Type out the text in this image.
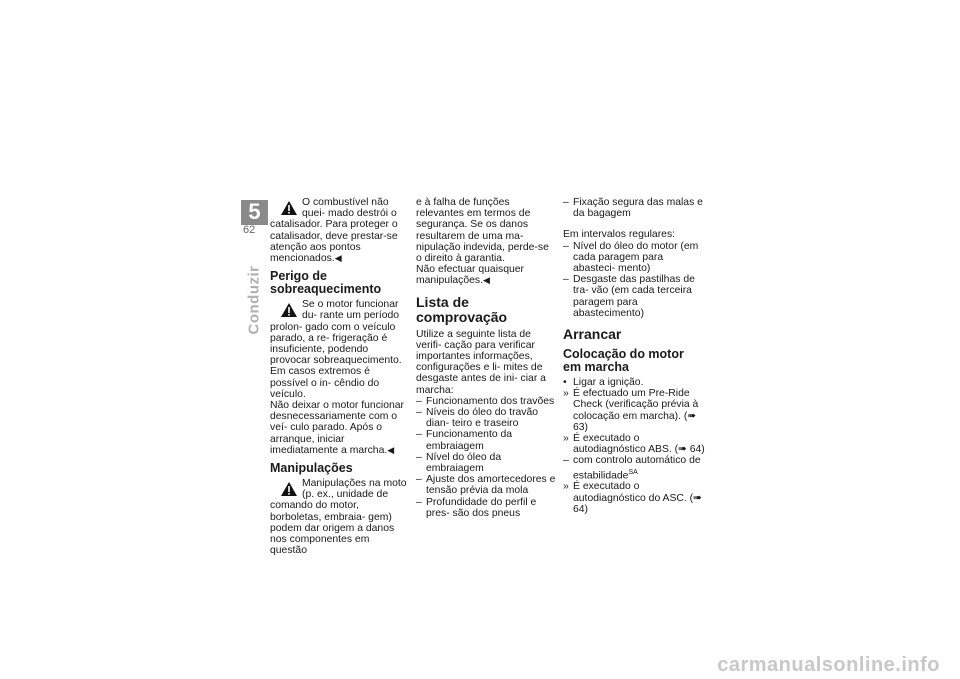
5
62
Conduzir

O combustível não quei- mado destrói o catalisador. Para proteger o catalisador, deve prestar-se atenção aos pontos mencionados.◀

Perigo de sobreaquecimento

Se o motor funcionar du- rante um período prolon- gado com o veículo parado, a re- frigeração é insuficiente, podendo provocar sobreaquecimento. Em casos extremos é possível o in- cêndio do veículo.

Não deixar o motor funcionar desnecessariamente com o veí- culo parado. Após o arranque, iniciar imediatamente a marcha.◀

Manipulações

Manipulações na moto (p. ex., unidade de comando do motor, borboletas, embraia- gem) podem dar origem a danos nos componentes em questão

e à falha de funções relevantes em termos de segurança. Se os danos resultarem de uma ma- nipulação indevida, perde-se o direito à garantia.

Não efectuar quaisquer manipulações.◀

Lista de comprovação

Utilize a seguinte lista de verifi- cação para verificar importantes informações, configurações e li- mites de desgaste antes de ini- ciar a marcha:

– Funcionamento dos travões
– Níveis do óleo do travão dian- teiro e traseiro
– Funcionamento da embraiagem
– Nível do óleo da embraiagem
– Ajuste dos amortecedores e tensão prévia da mola
– Profundidade do perfil e pres- são dos pneus
– Fixação segura das malas e da bagagem

Em intervalos regulares:

– Nível do óleo do motor (em cada paragem para abasteci- mento)
– Desgaste das pastilhas de tra- vão (em cada terceira paragem para abastecimento)
Arrancar
Colocação do motor em marcha
• Ligar a ignição.
» É efectuado um Pre-Ride Check (verificação prévia à colocação em marcha). (➠ 63)
» É executado o autodiagnóstico ABS. (➠ 64)
– com controlo automático de estabilidade$^{SA}$
» É executado o autodiagnóstico do ASC. (➠ 64)
carmanualsonline.info
